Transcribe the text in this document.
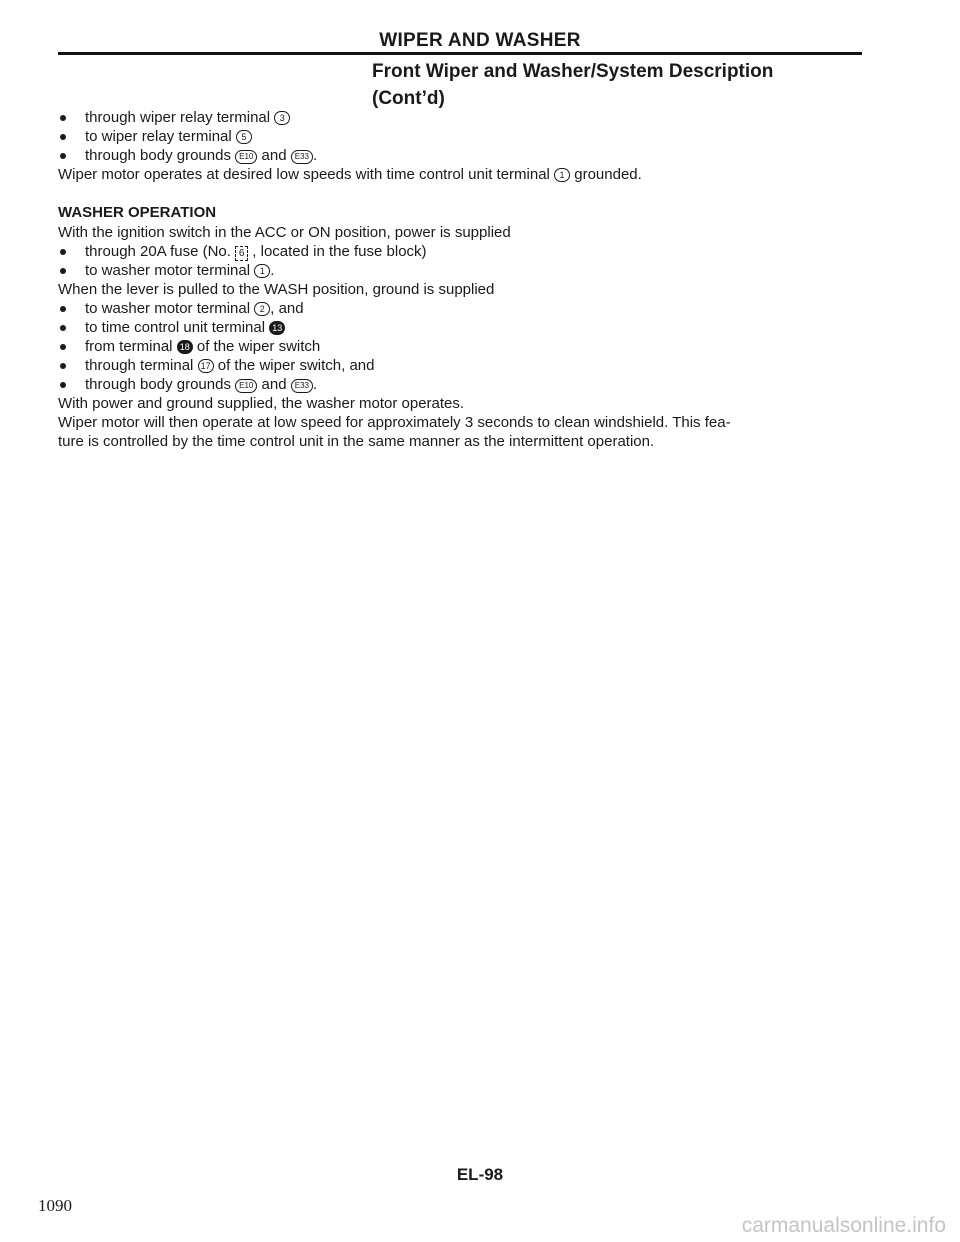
WIPER AND WASHER
Front Wiper and Washer/System Description
(Cont’d)
through wiper relay terminal 3
to wiper relay terminal 5
through body grounds E10 and E33 .
Wiper motor operates at desired low speeds with time control unit terminal 1 grounded.
WASHER OPERATION
With the ignition switch in the ACC or ON position, power is supplied
through 20A fuse (No. 6 , located in the fuse block)
to washer motor terminal 1 .
When the lever is pulled to the WASH position, ground is supplied
to washer motor terminal 2 , and
to time control unit terminal 13
from terminal 18 of the wiper switch
through terminal 17 of the wiper switch, and
through body grounds E10 and E33 .
With power and ground supplied, the washer motor operates.
Wiper motor will then operate at low speed for approximately 3 seconds to clean windshield. This fea-
ture is controlled by the time control unit in the same manner as the intermittent operation.
EL-98
1090
carmanualsonline.info
